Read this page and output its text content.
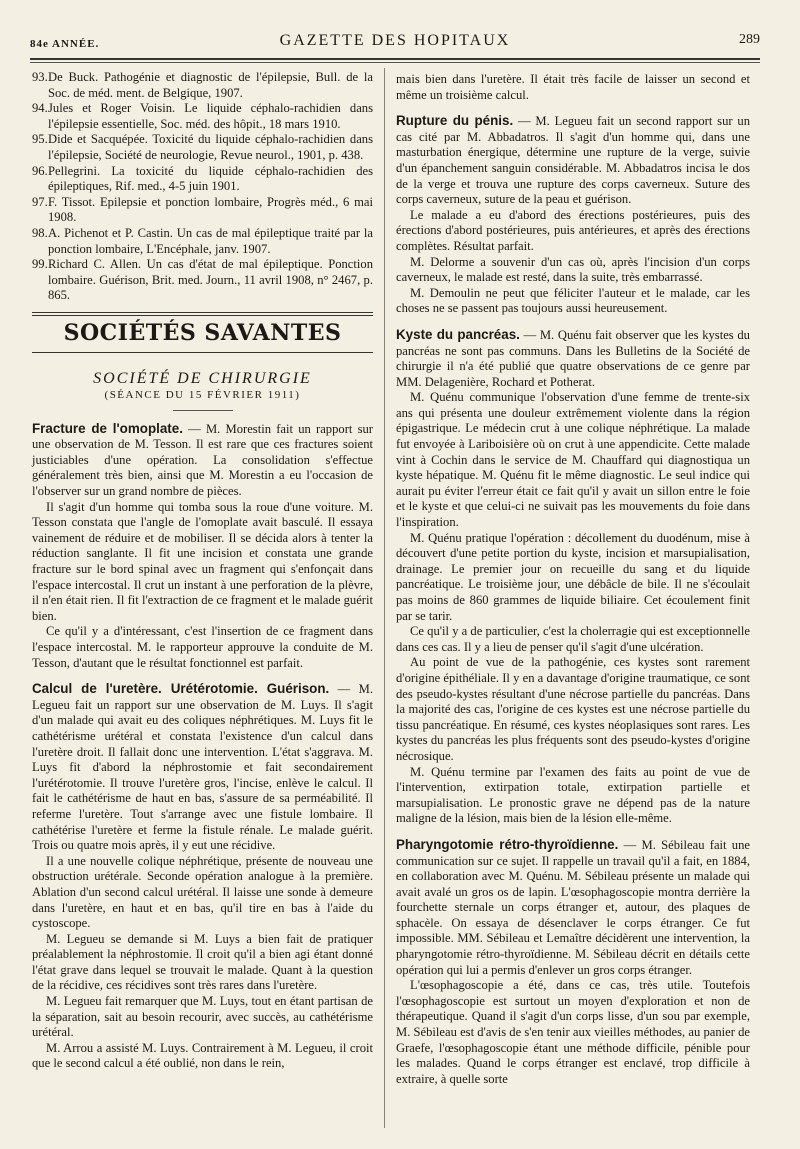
84e ANNÉE.	GAZETTE DES HOPITAUX	289

93.De Buck. Pathogénie et diagnostic de l'épilepsie, Bull. de la Soc. de méd. ment. de Belgique, 1907.

94.Jules et Roger Voisin. Le liquide céphalo-rachidien dans l'épilepsie essentielle, Soc. méd. des hôpit., 18 mars 1910.

95.Dide et Sacquépée. Toxicité du liquide céphalo-rachidien dans l'épilepsie, Société de neurologie, Revue neurol., 1901, p. 438.

96.Pellegrini. La toxicité du liquide céphalo-rachidien des épileptiques, Rif. med., 4-5 juin 1901.

97.F. Tissot. Epilepsie et ponction lombaire, Progrès méd., 6 mai 1908.

98.A. Pichenot et P. Castin. Un cas de mal épileptique traité par la ponction lombaire, L'Encéphale, janv. 1907.

99.Richard C. Allen. Un cas d'état de mal épileptique. Ponction lombaire. Guérison, Brit. med. Journ., 11 avril 1908, n° 2467, p. 865.

SOCIÉTÉS SAVANTES
SOCIÉTÉ DE CHIRURGIE
(SÉANCE DU 15 FÉVRIER 1911)

Fracture de l'omoplate. — M. Morestin fait un rapport sur une observation de M. Tesson. Il est rare que ces fractures soient justiciables d'une opération. La consolidation s'effectue généralement très bien, ainsi que M. Morestin a eu l'occasion de l'observer sur un grand nombre de pièces.

Il s'agit d'un homme qui tomba sous la roue d'une voiture. M. Tesson constata que l'angle de l'omoplate avait basculé. Il essaya vainement de réduire et de mobiliser. Il se décida alors à tenter la réduction sanglante. Il fit une incision et constata une grande fracture sur le bord spinal avec un fragment qui s'enfonçait dans l'espace intercostal. Il crut un instant à une perforation de la plèvre, il n'en était rien. Il fit l'extraction de ce fragment et le malade guérit bien.

Ce qu'il y a d'intéressant, c'est l'insertion de ce fragment dans l'espace intercostal. M. le rapporteur approuve la conduite de M. Tesson, d'autant que le résultat fonctionnel est parfait.

Calcul de l'uretère. Urétérotomie. Guérison. — M. Legueu fait un rapport sur une observation de M. Luys. Il s'agit d'un malade qui avait eu des coliques néphrétiques. M. Luys fit le cathétérisme urétéral et constata l'existence d'un calcul dans l'uretère droit. Il fallait donc une intervention. L'état s'aggrava. M. Luys fit d'abord la néphrostomie et fait secondairement l'urétérotomie. Il trouve l'uretère gros, l'incise, enlève le calcul. Il fait le cathétérisme de haut en bas, s'assure de sa perméabilité. Il referme l'uretère. Tout s'arrange avec une fistule lombaire. Il cathétérise l'uretère et ferme la fistule rénale. Le malade guérit. Trois ou quatre mois après, il y eut une récidive.

Il a une nouvelle colique néphrétique, présente de nouveau une obstruction urétérale. Seconde opération analogue à la première. Ablation d'un second calcul urétéral. Il laisse une sonde à demeure dans l'uretère, en haut et en bas, qu'il tire en bas à l'aide du cystoscope.

M. Legueu se demande si M. Luys a bien fait de pratiquer préalablement la néphrostomie. Il croit qu'il a bien agi étant donné l'état grave dans lequel se trouvait le malade. Quant à la question de la récidive, ces récidives sont très rares dans l'uretère.

M. Legueu fait remarquer que M. Luys, tout en étant partisan de la séparation, sait au besoin recourir, avec succès, au cathétérisme urétéral.

M. Arrou a assisté M. Luys. Contrairement à M. Legueu, il croit que le second calcul a été oublié, non dans le rein,

mais bien dans l'uretère. Il était très facile de laisser un second et même un troisième calcul.

Rupture du pénis. — M. Legueu fait un second rapport sur un cas cité par M. Abbadatros. Il s'agit d'un homme qui, dans une masturbation énergique, détermine une rupture de la verge, suivie d'un épanchement sanguin considérable. M. Abbadatros incisa le dos de la verge et trouva une rupture des corps caverneux. Suture des corps caverneux, suture de la peau et guérison.

Le malade a eu d'abord des érections postérieures, puis des érections d'abord postérieures, puis antérieures, et après des érections complètes. Résultat parfait.

M. Delorme a souvenir d'un cas où, après l'incision d'un corps caverneux, le malade est resté, dans la suite, très embarrassé.

M. Demoulin ne peut que féliciter l'auteur et le malade, car les choses ne se passent pas toujours aussi heureusement.

Kyste du pancréas. — M. Quénu fait observer que les kystes du pancréas ne sont pas communs. Dans les Bulletins de la Société de chirurgie il n'a été publié que quatre observations de ce genre par MM. Delagenière, Rochard et Potherat.

M. Quénu communique l'observation d'une femme de trente-six ans qui présenta une douleur extrêmement violente dans la région épigastrique. Le médecin crut à une colique néphrétique. La malade fut envoyée à Lariboisière où on crut à une appendicite. Cette malade vint à Cochin dans le service de M. Chauffard qui diagnostiqua un kyste hépatique. M. Quénu fit le même diagnostic. Le seul indice qui aurait pu éviter l'erreur était ce fait qu'il y avait un sillon entre le foie et le kyste et que celui-ci ne suivait pas les mouvements du foie dans l'inspiration.

M. Quénu pratique l'opération : décollement du duodénum, mise à découvert d'une petite portion du kyste, incision et marsupialisation, drainage. Le premier jour on recueille du sang et du liquide pancréatique. Le troisième jour, une débâcle de bile. Il ne s'écoulait pas moins de 860 grammes de liquide biliaire. Cet écoulement finit par se tarir.

Ce qu'il y a de particulier, c'est la cholerragie qui est exceptionnelle dans ces cas. Il y a lieu de penser qu'il s'agit d'une ulcération.

Au point de vue de la pathogénie, ces kystes sont rarement d'origine épithéliale. Il y en a davantage d'origine traumatique, ce sont des pseudo-kystes résultant d'une nécrose partielle du pancréas. Dans la majorité des cas, l'origine de ces kystes est une nécrose partielle du tissu pancréatique. En résumé, ces kystes néoplasiques sont rares. Les kystes du pancréas les plus fréquents sont des pseudo-kystes d'origine nécrosique.

M. Quénu termine par l'examen des faits au point de vue de l'intervention, extirpation totale, extirpation partielle et marsupialisation. Le pronostic grave ne dépend pas de la nature maligne de la lésion, mais bien de la lésion elle-même.

Pharyngotomie rétro-thyroïdienne. — M. Sébileau fait une communication sur ce sujet. Il rappelle un travail qu'il a fait, en 1884, en collaboration avec M. Quénu. M. Sébileau présente un malade qui avait avalé un gros os de lapin. L'œsophagoscopie montra derrière la fourchette sternale un corps étranger et, autour, des plaques de sphacèle. On essaya de désenclaver le corps étranger. Ce fut impossible. MM. Sébileau et Lemaître décidèrent une intervention, la pharyngotomie rétro-thyroïdienne. M. Sébileau décrit en détails cette opération qui lui a permis d'enlever un gros corps étranger.

L'œsophagoscopie a été, dans ce cas, très utile. Toutefois l'œsophagoscopie est surtout un moyen d'exploration et non de thérapeutique. Quand il s'agit d'un corps lisse, d'un sou par exemple, M. Sébileau est d'avis de s'en tenir aux vieilles méthodes, au panier de Graefe, l'œsophagoscopie étant une méthode difficile, pénible pour les malades. Quand le corps étranger est enclavé, trop difficile à extraire, à quelle sorte
